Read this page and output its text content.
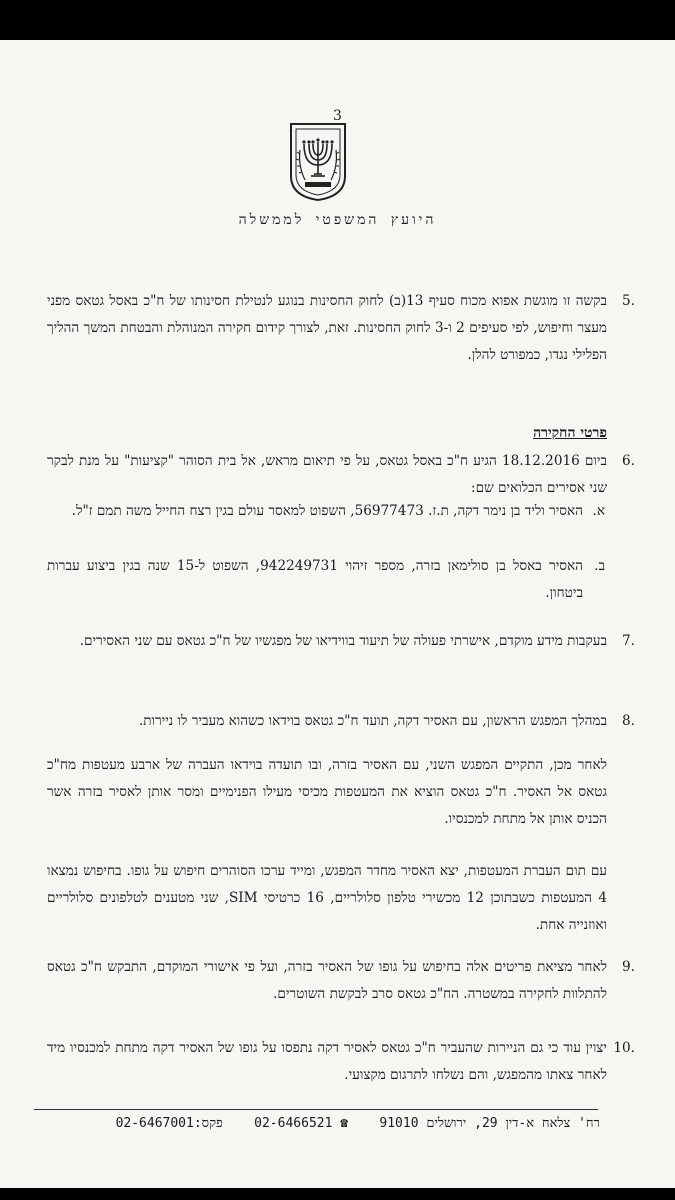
3
היועץ המשפטי לממשלה
.5
בקשה זו מוגשת אפוא מכוח סעיף 13(ב) לחוק החסינות בנוגע לנטילת חסינותו של ח"כ באסל גטאס מפני מעצר וחיפוש, לפי סעיפים 2 ו-3 לחוק החסינות. זאת, לצורך קידום חקירה המנוהלת והבטחת המשך ההליך הפלילי נגדו, כמפורט להלן.
פרטי החקירה
.6
ביום 18.12.2016 הגיע ח"כ באסל גטאס, על פי תיאום מראש, אל בית הסוהר "קציעות" על מנת לבקר שני אסירים הכלואים שם:
א.
האסיר וליד בן נימר דקה, ת.ז. 56977473, השפוט למאסר עולם בגין רצח החייל משה תמם ז"ל.
ב.
האסיר באסל בן סולימאן בזרה, מספר זיהוי 942249731, השפוט ל-15 שנה בגין ביצוע עברות ביטחון.
.7
בעקבות מידע מוקדם, אישרתי פעולה של תיעוד בווידיאו של מפגשיו של ח"כ גטאס עם שני האסירים.
.8
במהלך המפגש הראשון, עם האסיר דקה, תועד ח"כ גטאס בוידאו כשהוא מעביר לו ניירות.
לאחר מכן, התקיים המפגש השני, עם האסיר בזרה, ובו תועדה בוידאו העברה של ארבע מעטפות מח"כ גטאס אל האסיר. ח"כ גטאס הוציא את המעטפות מכיסי מעילו הפנימיים ומסר אותן לאסיר בזרה אשר הכניס אותן אל מתחת למכנסיו.
עם תום העברת המעטפות, יצא האסיר מחדר המפגש, ומייד ערכו הסוהרים חיפוש על גופו. בחיפוש נמצאו 4 המעטפות כשבתוכן 12 מכשירי טלפון סלולריים, 16 כרטיסי SIM, שני מטענים לטלפונים סלולריים ואוזנייה אחת.
.9
לאחר מציאת פריטים אלה בחיפוש על גופו של האסיר בזרה, ועל פי אישורי המוקדם, התבקש ח"כ גטאס להתלוות לחקירה במשטרה. הח"כ גטאס סרב לבקשת השוטרים.
.10
יצוין עוד כי גם הניירות שהעביר ח"כ גטאס לאסיר דקה נתפסו על גופו של האסיר דקה מתחת למכנסיו מיד לאחר צאתו מהמפגש, והם נשלחו לתרגום מקצועי.
רח' צלאח א-דין 29, ירושלים 91010    ☎ 02-6466521    פקס:02-6467001
